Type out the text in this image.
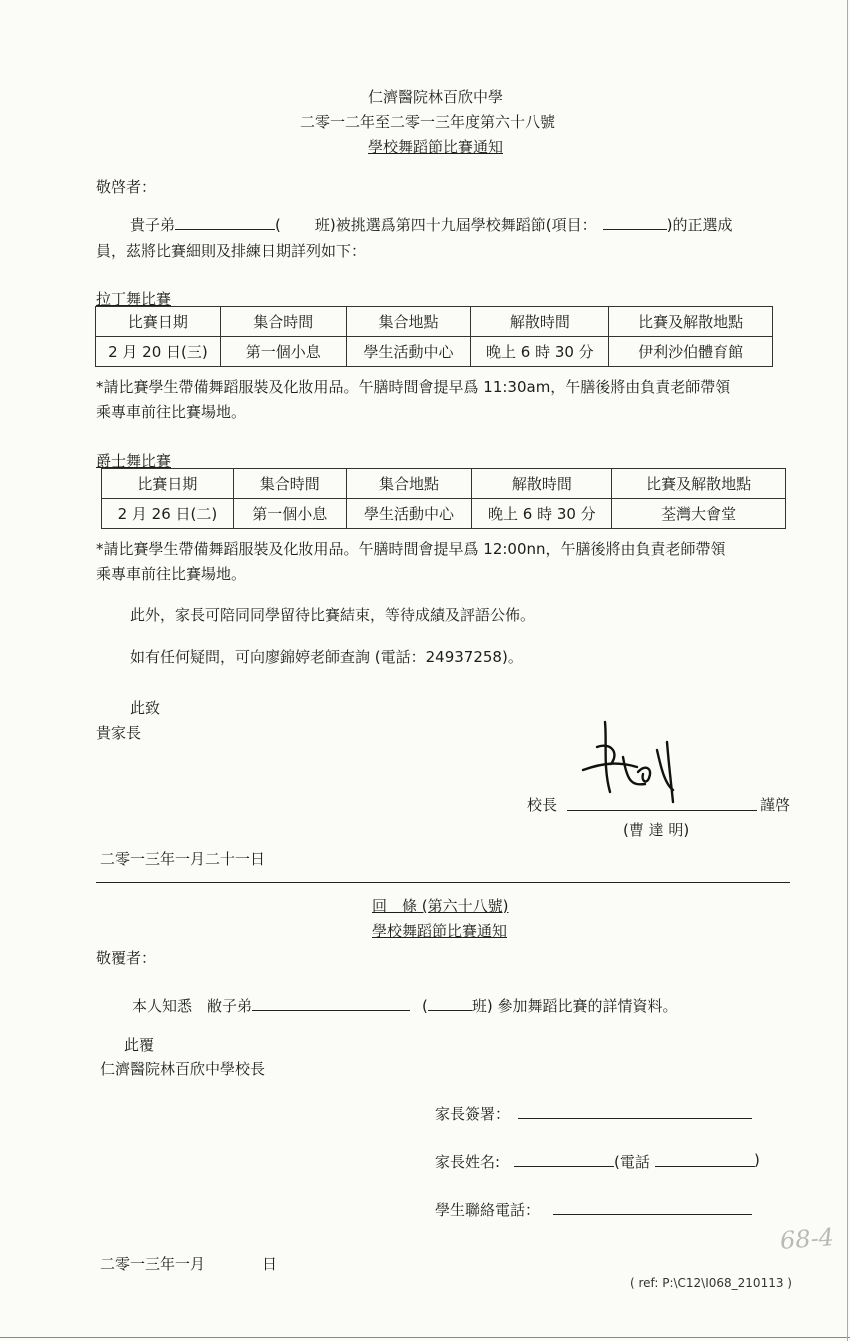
仁濟醫院林百欣中學
二零一二年至二零一三年度第六十八號
學校舞蹈節比賽通知
敬啓者：
貴子弟	( 班)被挑選爲第四十九屆學校舞蹈節(項目：	)的正選成
員，茲將比賽細則及排練日期詳列如下：
拉丁舞比賽
比賽日期	集合時間	集合地點	解散時間	比賽及解散地點
2 月 20 日(三)	第一個小息	學生活動中心	晚上 6 時 30 分	伊利沙伯體育館
*請比賽學生帶備舞蹈服裝及化妝用品。午膳時間會提早爲 11:30am，午膳後將由負責老師帶領
乘專車前往比賽場地。
爵士舞比賽
比賽日期	集合時間	集合地點	解散時間	比賽及解散地點
2 月 26 日(二)	第一個小息	學生活動中心	晚上 6 時 30 分	荃灣大會堂
*請比賽學生帶備舞蹈服裝及化妝用品。午膳時間會提早爲 12:00nn，午膳後將由負責老師帶領
乘專車前往比賽場地。
此外，家長可陪同同學留待比賽結束，等待成績及評語公佈。
如有任何疑問，可向廖錦婷老師查詢 (電話：24937258)。
此致
貴家長
校長	謹啓
(曹 達 明)
二零一三年一月二十一日
回　條 (第六十八號)
學校舞蹈節比賽通知
敬覆者：
本人知悉　敝子弟	(	班) 參加舞蹈比賽的詳情資料。
此覆
仁濟醫院林百欣中學校長
家長簽署：
家長姓名:	(電話	)
學生聯絡電話：
68-4
二零一三年一月	日
( ref: P:\C12\I068_210113 )
